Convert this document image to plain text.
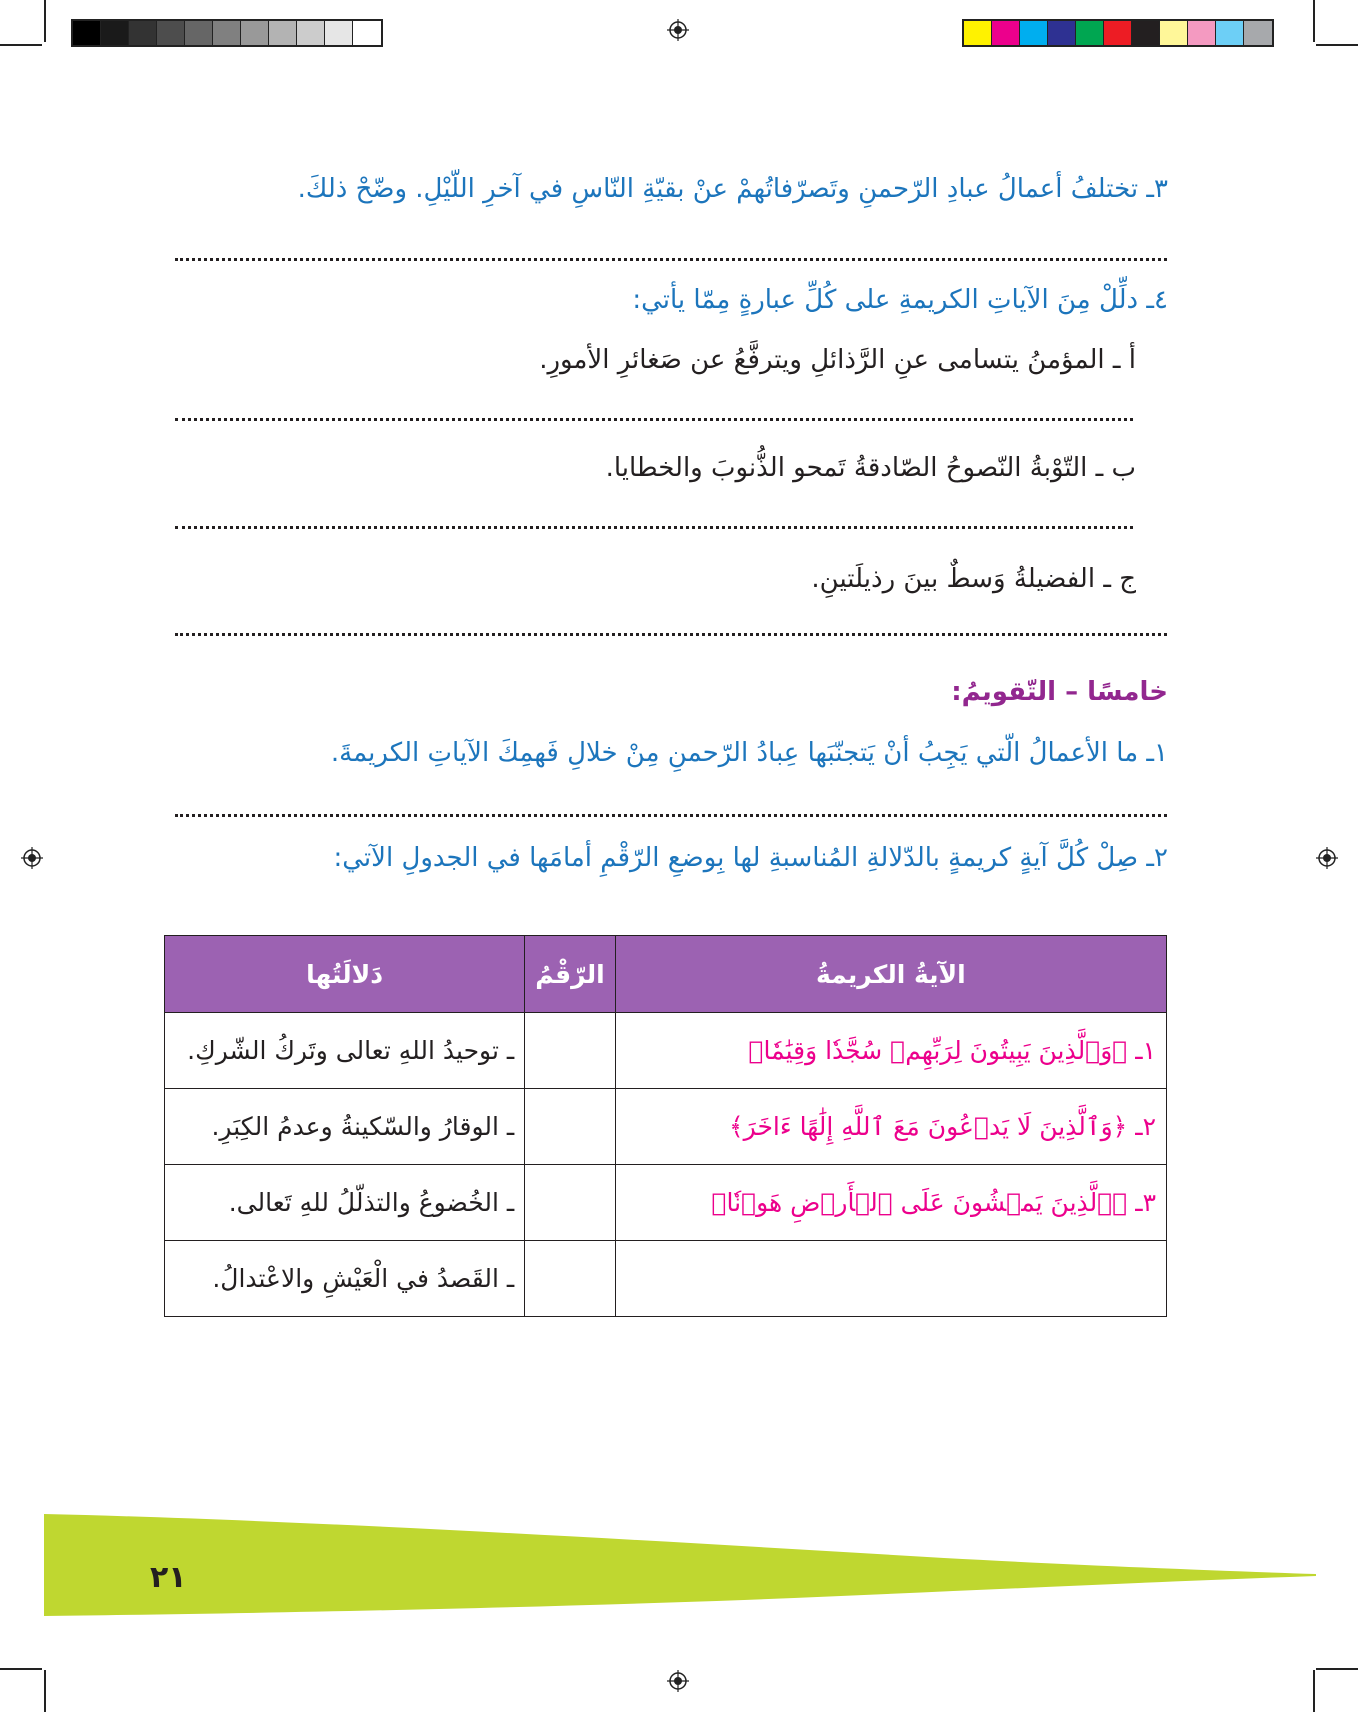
٣ـ تختلفُ أعمالُ عبادِ الرّحمنِ وتَصرّفاتُهمْ عنْ بقيّةِ النّاسِ في آخرِ اللّيْلِ. وضّحْ ذلكَ.
٤ـ دلِّلْ مِنَ الآياتِ الكريمةِ على كُلِّ عبارةٍ مِمّا يأتي:
أ ـ المؤمنُ يتسامى عنِ الرَّذائلِ ويترفَّعُ عن صَغائرِ الأمورِ.
ب ـ التّوْبةُ النّصوحُ الصّادقةُ تَمحو الذُّنوبَ والخطايا.
ج ـ الفضيلةُ وَسطٌ بينَ رذيلَتينِ.
خامسًا – التّقويمُ:
١ـ ما الأعمالُ الّتي يَجِبُ أنْ يَتجنّبَها عِبادُ الرّحمنِ مِنْ خلالِ فَهمِكَ الآياتِ الكريمةَ.
٢ـ صِلْ كُلَّ آيةٍ كريمةٍ بالدّلالةِ المُناسبةِ لها بِوضعِ الرّقْمِ أمامَها في الجدولِ الآتي:
الآيةُ الكريمةُ	الرّقْمُ	دَلالَتُها
١ـ ﴿وَٱلَّذِينَ يَبِيتُونَ لِرَبِّهِمۡ سُجَّدٗا وَقِيَٰمٗا﴾		ـ توحيدُ اللهِ تعالى وتَركُ الشّركِ.
٢ـ ﴿وَٱلَّذِينَ لَا يَدۡعُونَ مَعَ ٱللَّهِ إِلَٰهًا ءَاخَرَ﴾		ـ الوقارُ والسّكينةُ وعدمُ الكِبَرِ.
٣ـ ﴿ٱلَّذِينَ يَمۡشُونَ عَلَى ٱلۡأَرۡضِ هَوۡنٗا﴾		ـ الخُضوعُ والتذلّلُ للهِ تَعالى.
		ـ القَصدُ في الْعَيْشِ والاعْتدالُ.
٢١
